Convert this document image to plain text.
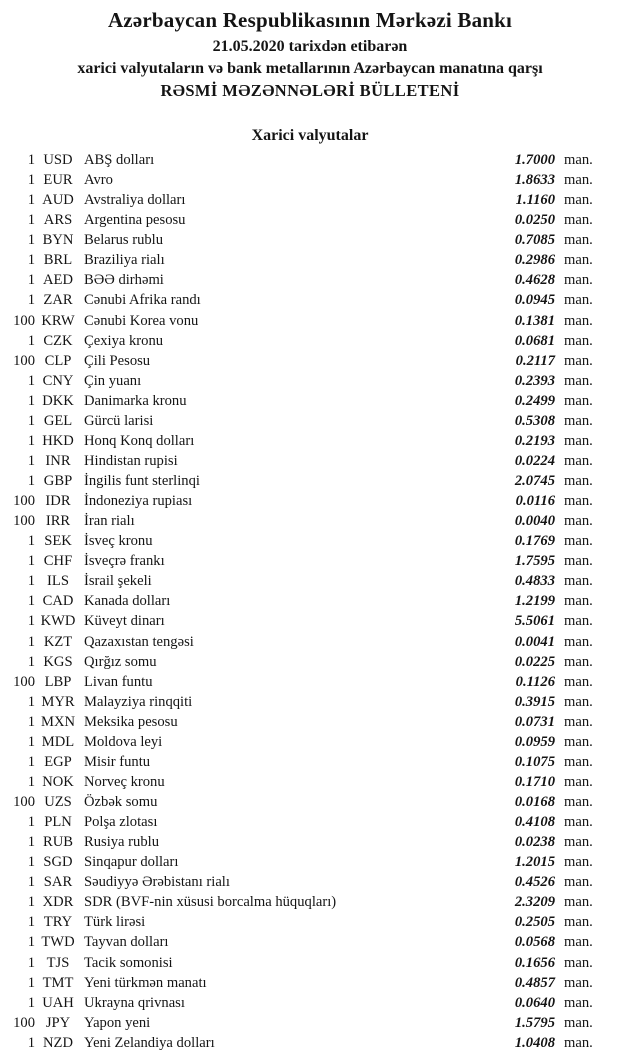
Azərbaycan Respublikasının Mərkəzi Bankı
21.05.2020 tarixdən etibarən
xarici valyutaların və bank metallarının Azərbaycan manatına qarşı
RƏSMİ MƏZƏNNƏLƏRİ BÜLLETENİ
Xarici valyutalar
1 USD ABŞ dolları	1.7000 man.
1 EUR Avro	1.8633 man.
1 AUD Avstraliya dolları	1.1160 man.
1 ARS Argentina pesosu	0.0250 man.
1 BYN Belarus rublu	0.7085 man.
1 BRL Braziliya rialı	0.2986 man.
1 AED BƏƏ dirhəmi	0.4628 man.
1 ZAR Cənubi Afrika randı	0.0945 man.
100 KRW Cənubi Korea vonu	0.1381 man.
1 CZK Çexiya kronu	0.0681 man.
100 CLP Çili Pesosu	0.2117 man.
1 CNY Çin yuanı	0.2393 man.
1 DKK Danimarka kronu	0.2499 man.
1 GEL Gürcü larisi	0.5308 man.
1 HKD Honq Konq dolları	0.2193 man.
1 INR Hindistan rupisi	0.0224 man.
1 GBP İngilis funt sterlinqi	2.0745 man.
100 IDR İndoneziya rupiası	0.0116 man.
100 IRR İran rialı	0.0040 man.
1 SEK İsveç kronu	0.1769 man.
1 CHF İsveçrə frankı	1.7595 man.
1 ILS	İsrail şekeli	0.4833 man.
1 CAD Kanada dolları	1.2199 man.
1 KWD Küveyt dinarı	5.5061 man.
1 KZT Qazaxıstan tengəsi	0.0041 man.
1 KGS Qırğız somu	0.0225 man.
100 LBP Livan funtu	0.1126 man.
1 MYR Malayziya rinqqiti	0.3915 man.
1 MXN Meksika pesosu	0.0731 man.
1 MDL Moldova leyi	0.0959 man.
1 EGP Misir funtu	0.1075 man.
1 NOK Norveç kronu	0.1710 man.
100 UZS Özbək somu	0.0168 man.
1 PLN Polşa zlotası	0.4108 man.
1 RUB Rusiya rublu	0.0238 man.
1 SGD Sinqapur dolları	1.2015 man.
1 SAR Səudiyyə Ərəbistanı rialı	0.4526 man.
1 XDR SDR (BVF-nin xüsusi borcalma hüquqları)	2.3209 man.
1 TRY Türk lirəsi	0.2505 man.
1 TWD Tayvan dolları	0.0568 man.
1 TJS	Tacik somonisi	0.1656 man.
1 TMT Yeni türkmən manatı	0.4857 man.
1 UAH Ukrayna qrivnası	0.0640 man.
100 JPY Yapon yeni	1.5795 man.
1 NZD Yeni Zelandiya dolları	1.0408 man.
